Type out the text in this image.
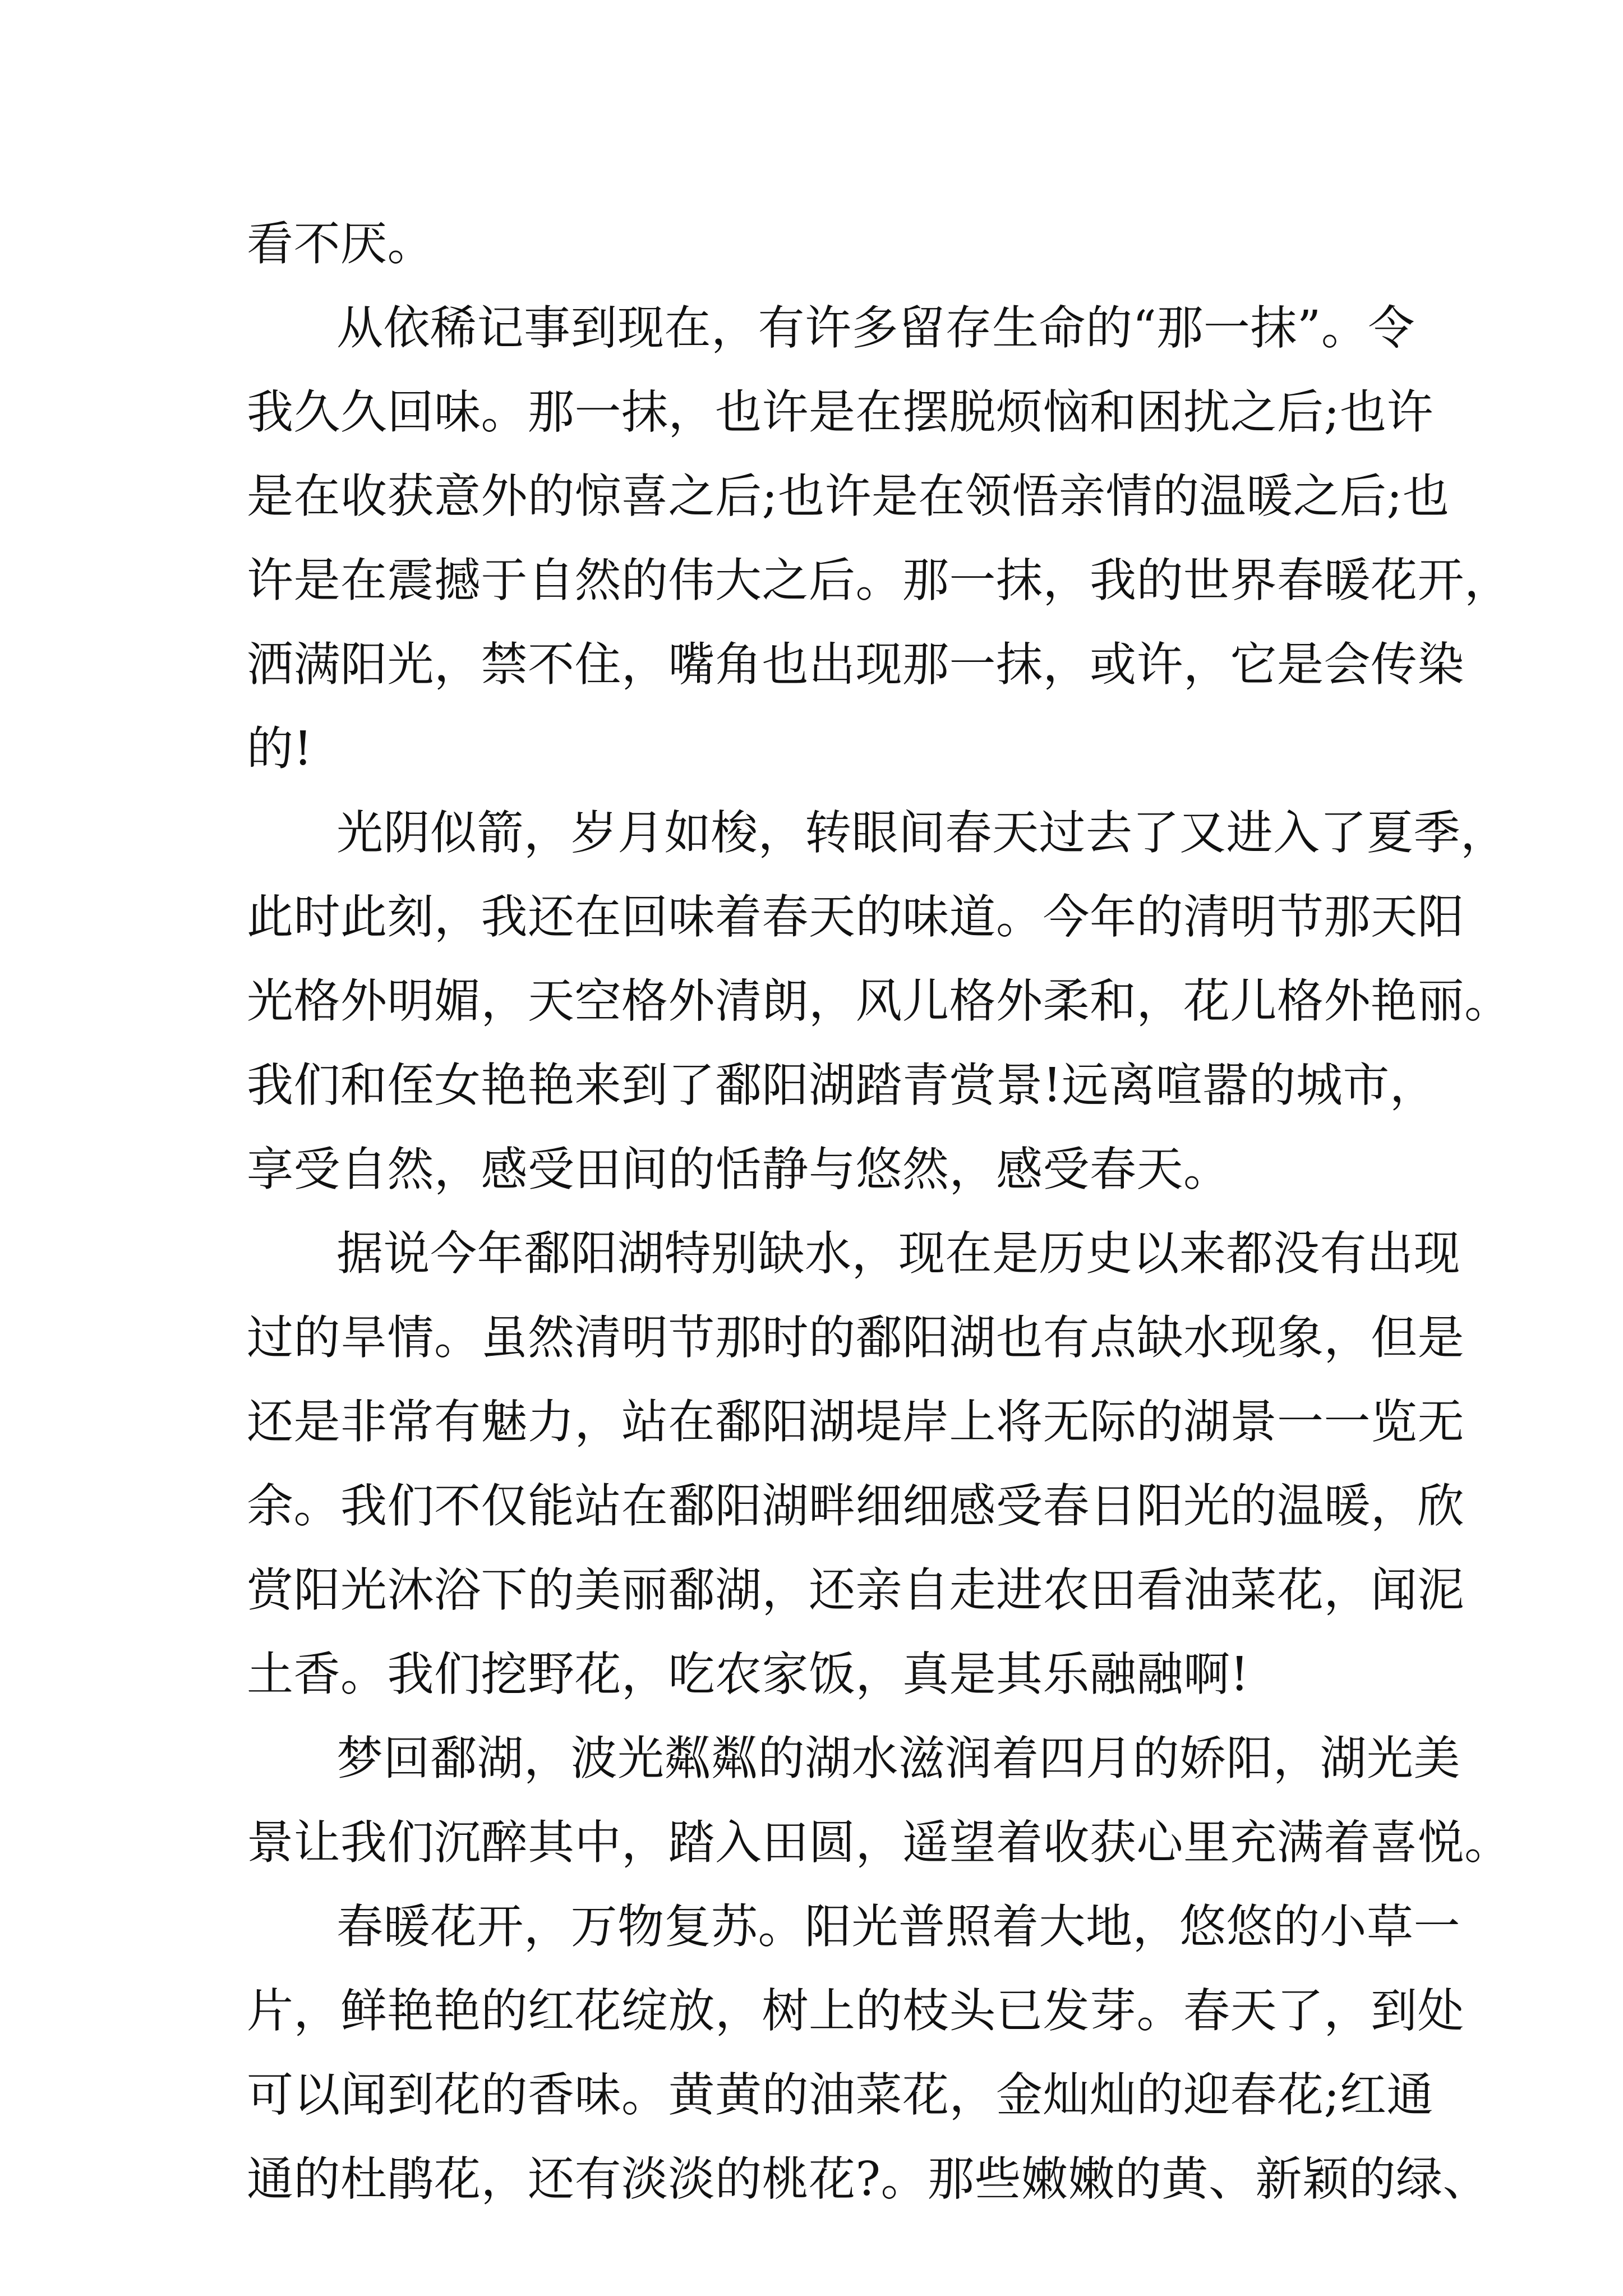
看不厌。
从依稀记事到现在，有许多留存生命的“那一抹”。令
我久久回味。那一抹，也许是在摆脱烦恼和困扰之后;也许
是在收获意外的惊喜之后;也许是在领悟亲情的温暖之后;也
许是在震撼于自然的伟大之后。那一抹，我的世界春暖花开，
洒满阳光，禁不住，嘴角也出现那一抹，或许，它是会传染
的!
光阴似箭，岁月如梭，转眼间春天过去了又进入了夏季，
此时此刻，我还在回味着春天的味道。今年的清明节那天阳
光格外明媚，天空格外清朗，风儿格外柔和，花儿格外艳丽。
我们和侄女艳艳来到了鄱阳湖踏青赏景!远离喧嚣的城市，
享受自然，感受田间的恬静与悠然，感受春天。
据说今年鄱阳湖特别缺水，现在是历史以来都没有出现
过的旱情。虽然清明节那时的鄱阳湖也有点缺水现象，但是
还是非常有魅力，站在鄱阳湖堤岸上将无际的湖景一一览无
余。我们不仅能站在鄱阳湖畔细细感受春日阳光的温暖，欣
赏阳光沐浴下的美丽鄱湖，还亲自走进农田看油菜花，闻泥
土香。我们挖野花，吃农家饭，真是其乐融融啊!
梦回鄱湖，波光粼粼的湖水滋润着四月的娇阳，湖光美
景让我们沉醉其中，踏入田圆，遥望着收获心里充满着喜悦。
春暖花开，万物复苏。阳光普照着大地，悠悠的小草一
片，鲜艳艳的红花绽放，树上的枝头已发芽。春天了，到处
可以闻到花的香味。黄黄的油菜花，金灿灿的迎春花;红通
通的杜鹃花，还有淡淡的桃花?。那些嫩嫩的黄、新颖的绿、
